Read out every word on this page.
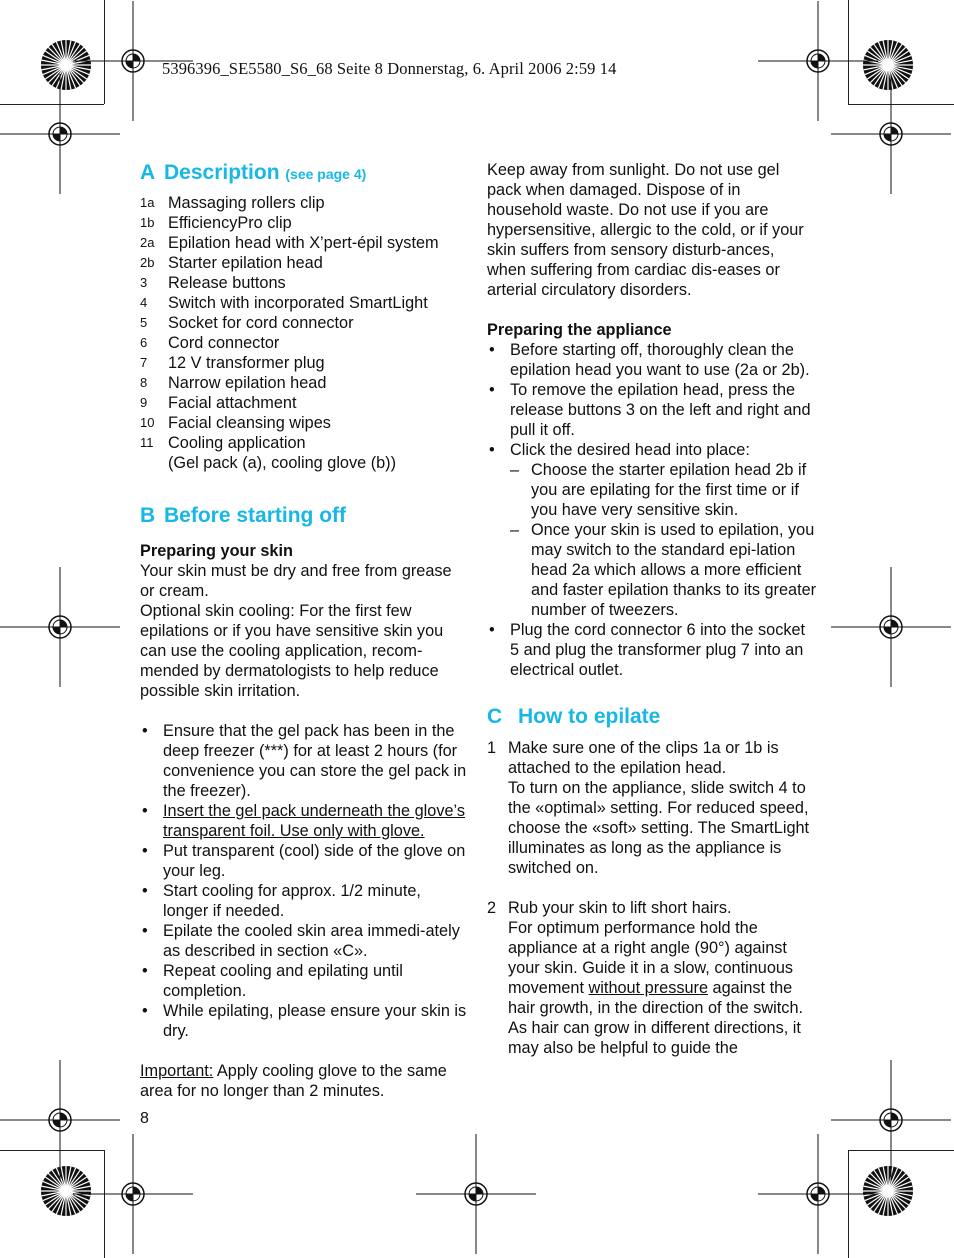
5396396_SE5580_S6_68 Seite 8 Donnerstag, 6. April 2006 2:59 14
A Description (see page 4)
1a Massaging rollers clip
1b EfficiencyPro clip
2a Epilation head with X’pert-épil system
2b Starter epilation head
3	Release buttons
4	Switch with incorporated SmartLight
5	Socket for cord connector
6	Cord connector
7	12 V transformer plug
8	Narrow epilation head
9	Facial attachment
10 Facial cleansing wipes
11 Cooling application
(Gel pack (a), cooling glove (b))
B Before starting off
Preparing your skin
Your skin must be dry and free from grease or cream.
Optional skin cooling: For the first few epilations or if you have sensitive skin you can use the cooling application, recom-mended by dermatologists to help reduce possible skin irritation.
• Ensure that the gel pack has been in the deep freezer (***) for at least 2 hours (for convenience you can store the gel pack in the freezer).
• Insert the gel pack underneath the glove’s transparent foil. Use only with glove.
• Put transparent (cool) side of the glove on your leg.
• Start cooling for approx. 1/2 minute, longer if needed.
• Epilate the cooled skin area immedi-ately as described in section «C».
• Repeat cooling and epilating until completion.
• While epilating, please ensure your skin is dry.
Important: Apply cooling glove to the same area for no longer than 2 minutes.
8
Keep away from sunlight. Do not use gel pack when damaged. Dispose of in household waste. Do not use if you are hypersensitive, allergic to the cold, or if your skin suffers from sensory disturb-ances, when suffering from cardiac dis-eases or arterial circulatory disorders.
Preparing the appliance
• Before starting off, thoroughly clean the epilation head you want to use (2a or 2b).
• To remove the epilation head, press the release buttons 3 on the left and right and pull it off.
• Click the desired head into place:
– Choose the starter epilation head 2b if you are epilating for the first time or if you have very sensitive skin.
– Once your skin is used to epilation, you may switch to the standard epi-lation head 2a which allows a more efficient and faster epilation thanks to its greater number of tweezers.
• Plug the cord connector 6 into the socket 5 and plug the transformer plug 7 into an electrical outlet.
C How to epilate
1 Make sure one of the clips 1a or 1b is attached to the epilation head.
To turn on the appliance, slide switch 4 to the «optimal» setting. For reduced speed, choose the «soft» setting. The SmartLight illuminates as long as the appliance is switched on.
2 Rub your skin to lift short hairs.
For optimum performance hold the appliance at a right angle (90°) against your skin. Guide it in a slow, continuous movement without pressure against the hair growth, in the direction of the switch.
As hair can grow in different directions, it may also be helpful to guide the
